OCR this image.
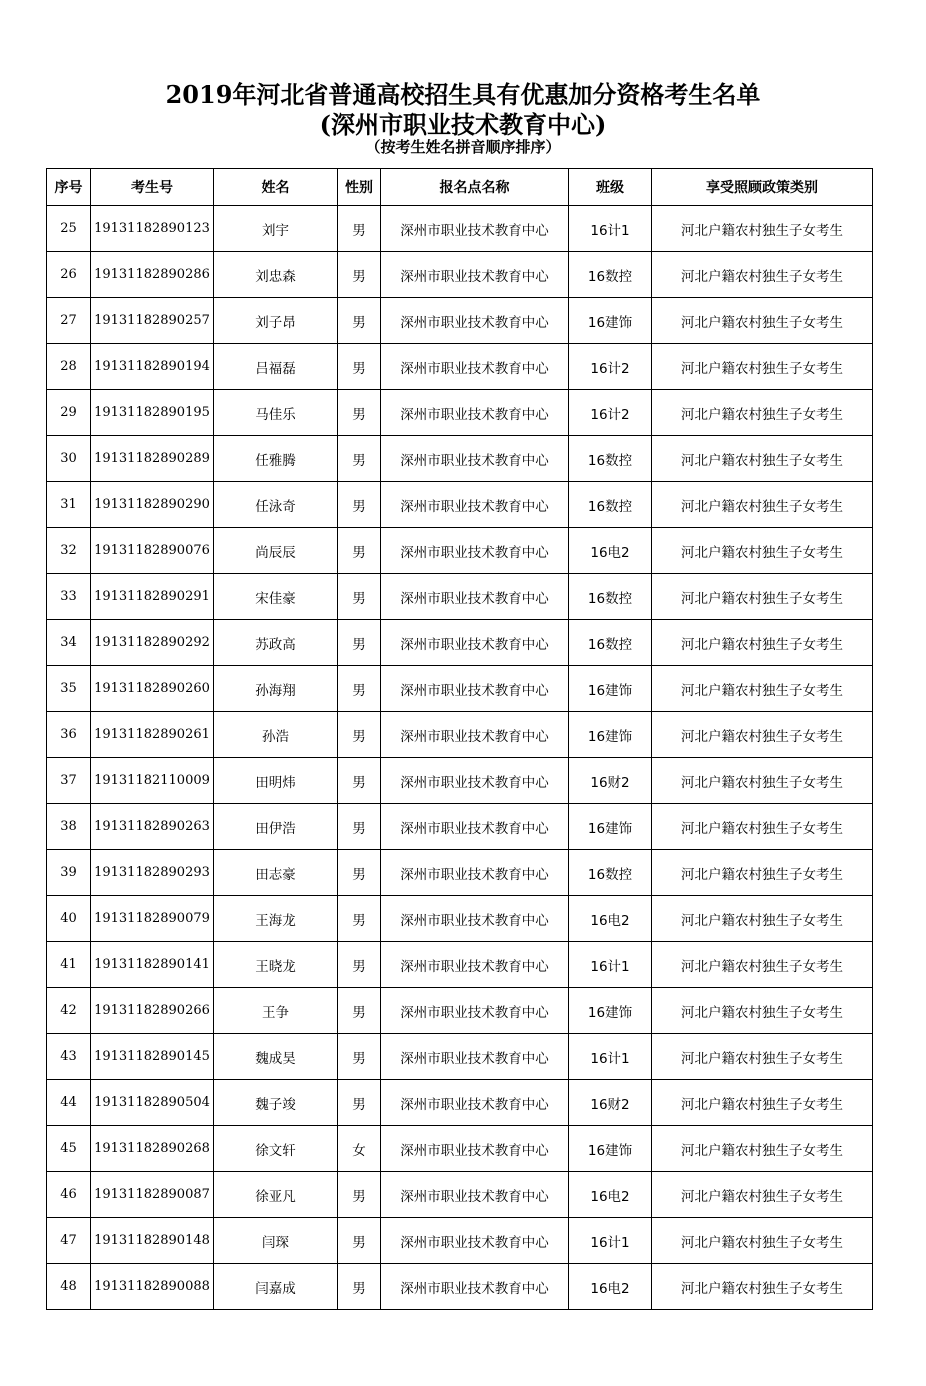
2019年河北省普通高校招生具有优惠加分资格考生名单
(深州市职业技术教育中心)
（按考生姓名拼音顺序排序）
序号	考生号	姓名	性别	报名点名称	班级	享受照顾政策类别
25	19131182890123	刘宇	男	深州市职业技术教育中心	16计1	河北户籍农村独生子女考生
26	19131182890286	刘忠森	男	深州市职业技术教育中心	16数控	河北户籍农村独生子女考生
27	19131182890257	刘子昂	男	深州市职业技术教育中心	16建饰	河北户籍农村独生子女考生
28	19131182890194	吕福磊	男	深州市职业技术教育中心	16计2	河北户籍农村独生子女考生
29	19131182890195	马佳乐	男	深州市职业技术教育中心	16计2	河北户籍农村独生子女考生
30	19131182890289	任雅腾	男	深州市职业技术教育中心	16数控	河北户籍农村独生子女考生
31	19131182890290	任泳奇	男	深州市职业技术教育中心	16数控	河北户籍农村独生子女考生
32	19131182890076	尚辰辰	男	深州市职业技术教育中心	16电2	河北户籍农村独生子女考生
33	19131182890291	宋佳豪	男	深州市职业技术教育中心	16数控	河北户籍农村独生子女考生
34	19131182890292	苏政高	男	深州市职业技术教育中心	16数控	河北户籍农村独生子女考生
35	19131182890260	孙海翔	男	深州市职业技术教育中心	16建饰	河北户籍农村独生子女考生
36	19131182890261	孙浩	男	深州市职业技术教育中心	16建饰	河北户籍农村独生子女考生
37	19131182110009	田明炜	男	深州市职业技术教育中心	16财2	河北户籍农村独生子女考生
38	19131182890263	田伊浩	男	深州市职业技术教育中心	16建饰	河北户籍农村独生子女考生
39	19131182890293	田志豪	男	深州市职业技术教育中心	16数控	河北户籍农村独生子女考生
40	19131182890079	王海龙	男	深州市职业技术教育中心	16电2	河北户籍农村独生子女考生
41	19131182890141	王晓龙	男	深州市职业技术教育中心	16计1	河北户籍农村独生子女考生
42	19131182890266	王争	男	深州市职业技术教育中心	16建饰	河北户籍农村独生子女考生
43	19131182890145	魏成昊	男	深州市职业技术教育中心	16计1	河北户籍农村独生子女考生
44	19131182890504	魏子竣	男	深州市职业技术教育中心	16财2	河北户籍农村独生子女考生
45	19131182890268	徐文轩	女	深州市职业技术教育中心	16建饰	河北户籍农村独生子女考生
46	19131182890087	徐亚凡	男	深州市职业技术教育中心	16电2	河北户籍农村独生子女考生
47	19131182890148	闫琛	男	深州市职业技术教育中心	16计1	河北户籍农村独生子女考生
48	19131182890088	闫嘉成	男	深州市职业技术教育中心	16电2	河北户籍农村独生子女考生
